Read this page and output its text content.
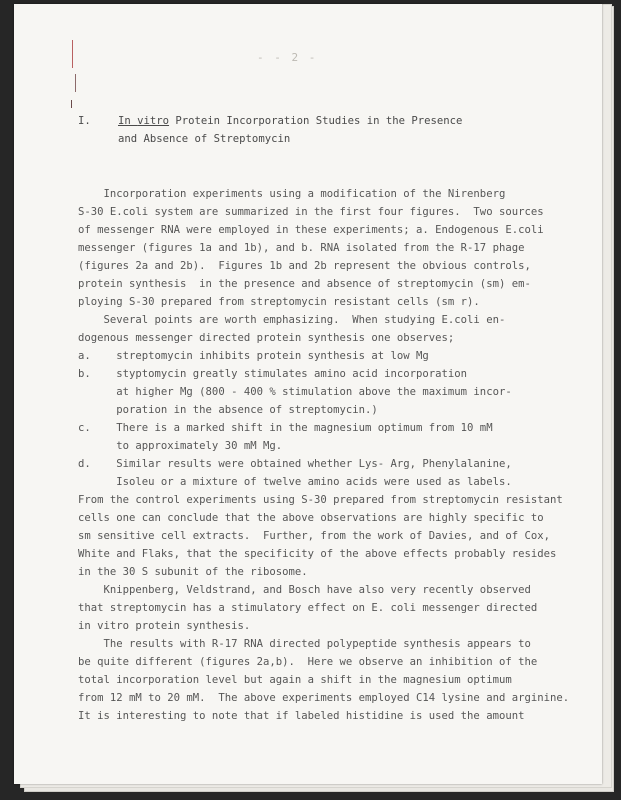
- - 2 -
I.	In vitro Protein Incorporation Studies in the Presence
and Absence of Streptomycin
Incorporation experiments using a modification of the Nirenberg
S-30 E.coli system are summarized in the first four figures.  Two sources
of messenger RNA were employed in these experiments; a. Endogenous E.coli
messenger (figures 1a and 1b), and b. RNA isolated from the R-17 phage
(figures 2a and 2b).  Figures 1b and 2b represent the obvious controls,
protein synthesis  in the presence and absence of streptomycin (sm) em-
ploying S-30 prepared from streptomycin resistant cells (sm r).
Several points are worth emphasizing.  When studying E.coli en-
dogenous messenger directed protein synthesis one observes;
a.    streptomycin inhibits protein synthesis at low Mg
b.    styptomycin greatly stimulates amino acid incorporation
at higher Mg (800 - 400 % stimulation above the maximum incor-
poration in the absence of streptomycin.)
c.    There is a marked shift in the magnesium optimum from 10 mM
to approximately 30 mM Mg.
d.    Similar results were obtained whether Lys- Arg, Phenylalanine,
Isoleu or a mixture of twelve amino acids were used as labels.
From the control experiments using S-30 prepared from streptomycin resistant
cells one can conclude that the above observations are highly specific to
sm sensitive cell extracts.  Further, from the work of Davies, and of Cox,
White and Flaks, that the specificity of the above effects probably resides
in the 30 S subunit of the ribosome.
Knippenberg, Veldstrand, and Bosch have also very recently observed
that streptomycin has a stimulatory effect on E. coli messenger directed
in vitro protein synthesis.
The results with R-17 RNA directed polypeptide synthesis appears to
be quite different (figures 2a,b).  Here we observe an inhibition of the
total incorporation level but again a shift in the magnesium optimum
from 12 mM to 20 mM.  The above experiments employed C14 lysine and arginine.
It is interesting to note that if labeled histidine is used the amount
